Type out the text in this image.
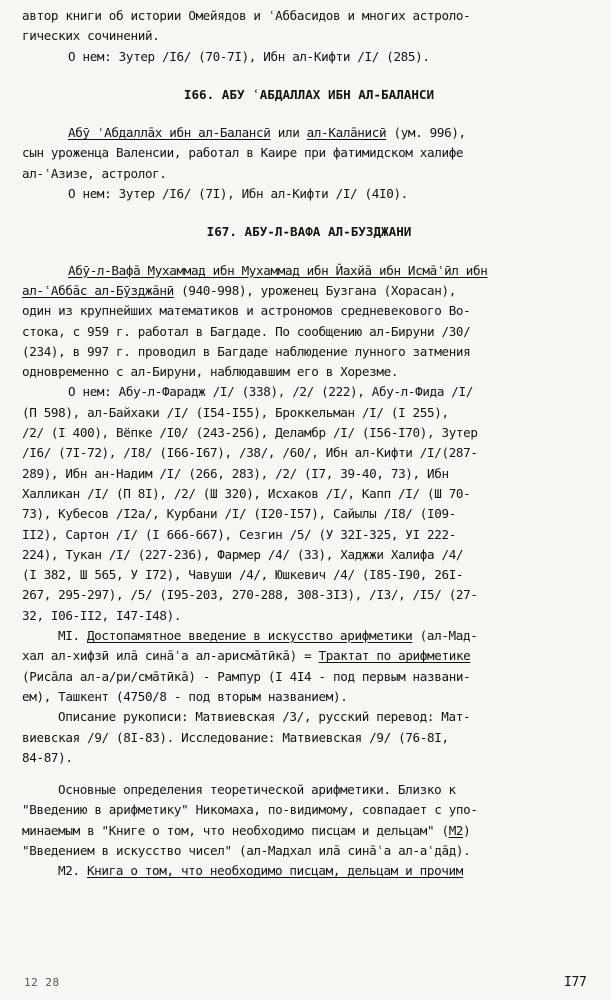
автор книги об истории Омейядов и ʿАббасидов и многих астроло-
гических сочинений.
О нем: Зутер /I6/ (70-7I), Ибн ал-Кифти /I/ (285).
I66. АБУ ʿАБДАЛЛАХ ИБН АЛ-БАЛАНСИ
Абӯ ʿАбдаллāх ибн ал-Балансӣ или ал-Калāнисӣ (ум. 996),
сын уроженца Валенсии, работал в Каире при фатимидском халифе
ал-ʿАзизе, астролог.
О нем: Зутер /I6/ (7I), Ибн ал-Кифти /I/ (4I0).
I67. АБУ-Л-ВАФА АЛ-БУЗДЖАНИ
Абӯ-л-Вафā Мухаммад ибн Мухаммад ибн Йахйā ибн Исмāʿӣл ибн
ал-ʿАббāс ал-Бӯзджāнӣ (940-998), уроженец Бузгана (Хорасан),
один из крупнейших математиков и астрономов средневекового Во-
стока, с 959 г. работал в Багдаде. По сообщению ал-Бируни /30/
(234), в 997 г. проводил в Багдаде наблюдение лунного затмения
одновременно с ал-Бируни, наблюдавшим его в Хорезме.
О нем: Абу-л-Фарадж /I/ (338), /2/ (222), Абу-л-Фида /I/
(П 598), ал-Байхаки /I/ (I54-I55), Броккельман /I/ (I 255),
/2/ (I 400), Вёпке /I0/ (243-256), Деламбр /I/ (I56-I70), Зутер
/I6/ (7I-72), /I8/ (I66-I67), /38/, /60/, Ибн ал-Кифти /I/(287-
289), Ибн ан-Надим /I/ (266, 283), /2/ (I7, 39-40, 73), Ибн
Халликан /I/ (П 8I), /2/ (Ш 320), Исхаков /I/, Капп /I/ (Ш 70-
73), Кубесов /I2а/, Курбани /I/ (I20-I57), Сайылы /I8/ (I09-
II2), Сартон /I/ (I 666-667), Сезгин /5/ (У 32I-325, УI 222-
224), Тукан /I/ (227-236), Фармер /4/ (33), Хаджжи Халифа /4/
(I 382, Ш 565, У I72), Чавуши /4/, Юшкевич /4/ (I85-I90, 26I-
267, 295-297), /5/ (I95-203, 270-288, 308-3I3), /I3/, /I5/ (27-
32, I06-II2, I47-I48).
МI. Достопамятное введение в искусство арифметики (ал-Мад-
хал ал-хифзӣ илā синāʿа ал-арисмāтӣкā) = Трактат по арифметике
(Рисāла ал-а/ри/смāтӣкā) - Рампур (I 4I4 - под первым названи-
ем), Ташкент (4750/8 - под вторым названием).
Описание рукописи: Матвиевская /3/, русский перевод: Мат-
виевская /9/ (8I-83). Исследование: Матвиевская /9/ (76-8I,
84-87).
Основные определения теоретической арифметики. Близко к
"Введению в арифметику" Никомаха, по-видимому, совпадает с упо-
минаемым в "Книге о том, что необходимо писцам и дельцам" (М2)
"Введением в искусство чисел" (ал-Мадхал илā синāʿа ал-аʿдāд).
М2. Книга о том, что необходимо писцам, дельцам и прочим
12 28	I77
